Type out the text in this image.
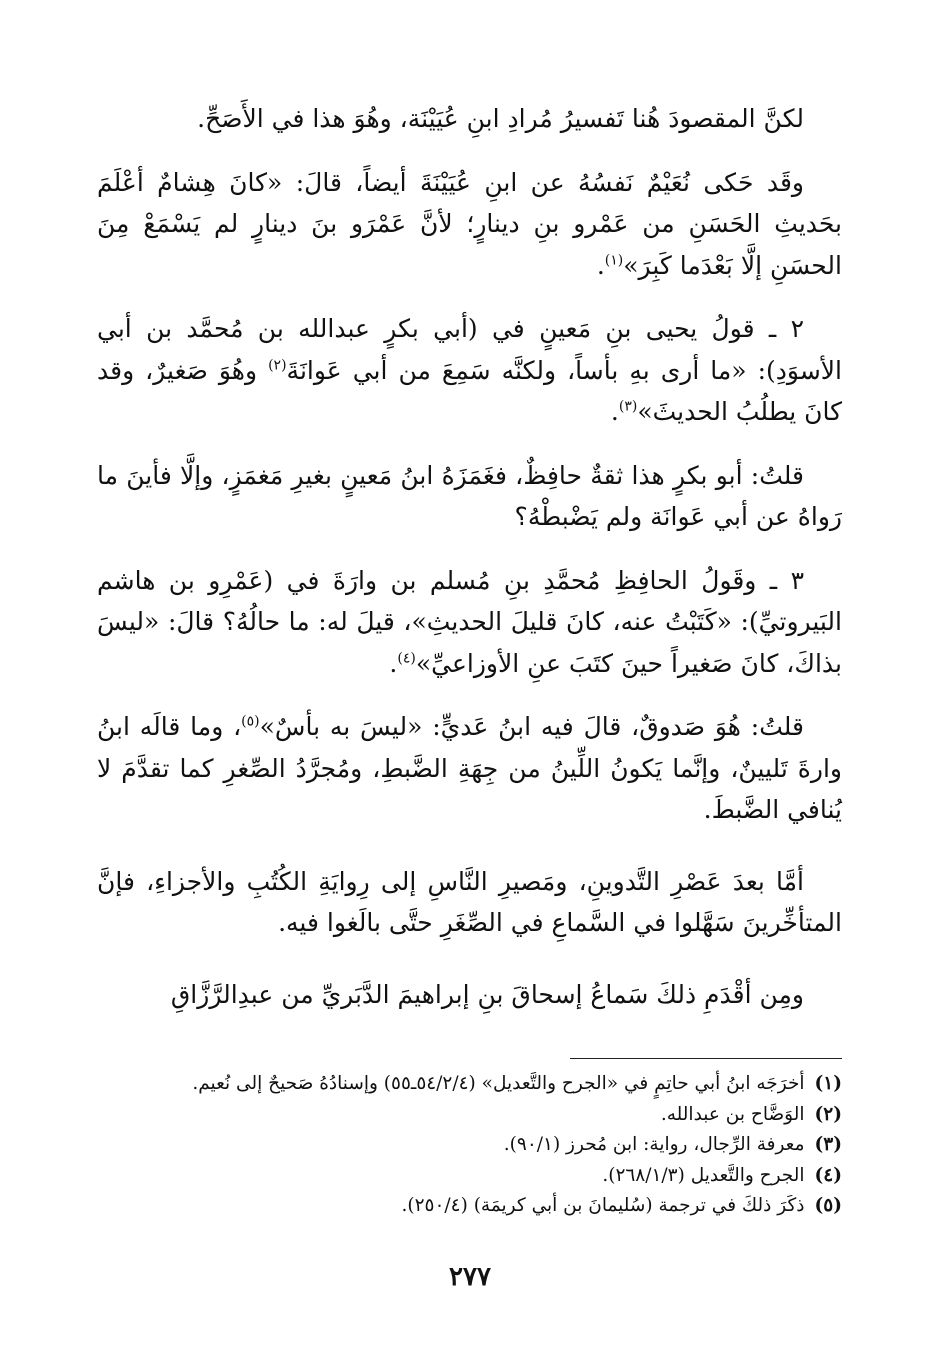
لكنَّ المقصودَ هُنا تَفسيرُ مُرادِ ابنِ عُيَيْنَة، وهُوَ هذا في الأَصَحِّ.

وقَد حَكى نُعَيْمٌ نَفسُهُ عن ابنِ عُيَيْنَةَ أيضاً، قالَ: «كانَ هِشامٌ أعْلَمَ بحَديثِ الحَسَنِ من عَمْرو بنِ دينارٍ؛ لأنَّ عَمْرَو بنَ دينارٍ لم يَسْمَعْ مِنَ الحسَنِ إلَّا بَعْدَما كَبِرَ»$^{(١)}$.

٢ ـ قولُ يحيى بنِ مَعينٍ في (أبي بكرٍ عبدالله بن مُحمَّد بن أبي الأسوَدِ): «ما أرى بهِ بأساً، ولكنَّه سَمِعَ من أبي عَوانَةَ$^{(٢)}$ وهُوَ صَغيرٌ، وقد كانَ يطلُبُ الحديثَ»$^{(٣)}$.

قلتُ: أبو بكرٍ هذا ثقةٌ حافِظٌ، فغَمَزَهُ ابنُ مَعينٍ بغيرِ مَغمَزٍ، وإلَّا فأينَ ما رَواهُ عن أبي عَوانَة ولم يَضْبطْهُ؟

٣ ـ وقَولُ الحافِظِ مُحمَّدِ بنِ مُسلم بن وارَةَ في (عَمْرِو بن هاشم البَيروتيِّ): «كَتَبْتُ عنه، كانَ قليلَ الحديثِ»، قيلَ له: ما حالُهُ؟ قالَ: «ليسَ بذاكَ، كانَ صَغيراً حينَ كتَبَ عنِ الأوزاعيِّ»$^{(٤)}$.

قلتُ: هُوَ صَدوقٌ، قالَ فيه ابنُ عَديٍّ: «ليسَ به بأسٌ»$^{(٥)}$، وما قالَه ابنُ وارةَ تَليينٌ، وإنَّما يَكونُ اللِّينُ من جِهَةِ الضَّبطِ، ومُجرَّدُ الصِّغرِ كما تقدَّمَ لا يُنافي الضَّبطَ.

أمَّا بعدَ عَصْرِ التَّدوينِ، ومَصيرِ النَّاسِ إلى رِوايَةِ الكُتُبِ والأجزاءِ، فإنَّ المتأخِّرينَ سَهَّلوا في السَّماعِ في الصِّغَرِ حتَّى بالَغوا فيه.

ومِن أقْدَمِ ذلكَ سَماعُ إسحاقَ بنِ إبراهيمَ الدَّبَريِّ من عبدِالرَّزَّاقِ

(١)أخرَجَه ابنُ أبي حاتِمٍ في «الجرح والتَّعديل» (٥٤/٢/٤ـ٥٥) وإسنادُهُ صَحيحٌ إلى نُعيم.
(٢)الوَضَّاح بن عبدالله.
(٣)معرفة الرِّجال، رواية: ابن مُحرز (٩٠/١).
(٤)الجرح والتَّعديل (٢٦٨/١/٣).
(٥)ذكَرَ ذلكَ في ترجمة (سُليمانَ بن أبي كريمَة) (٢٥٠/٤).
٢٧٧
